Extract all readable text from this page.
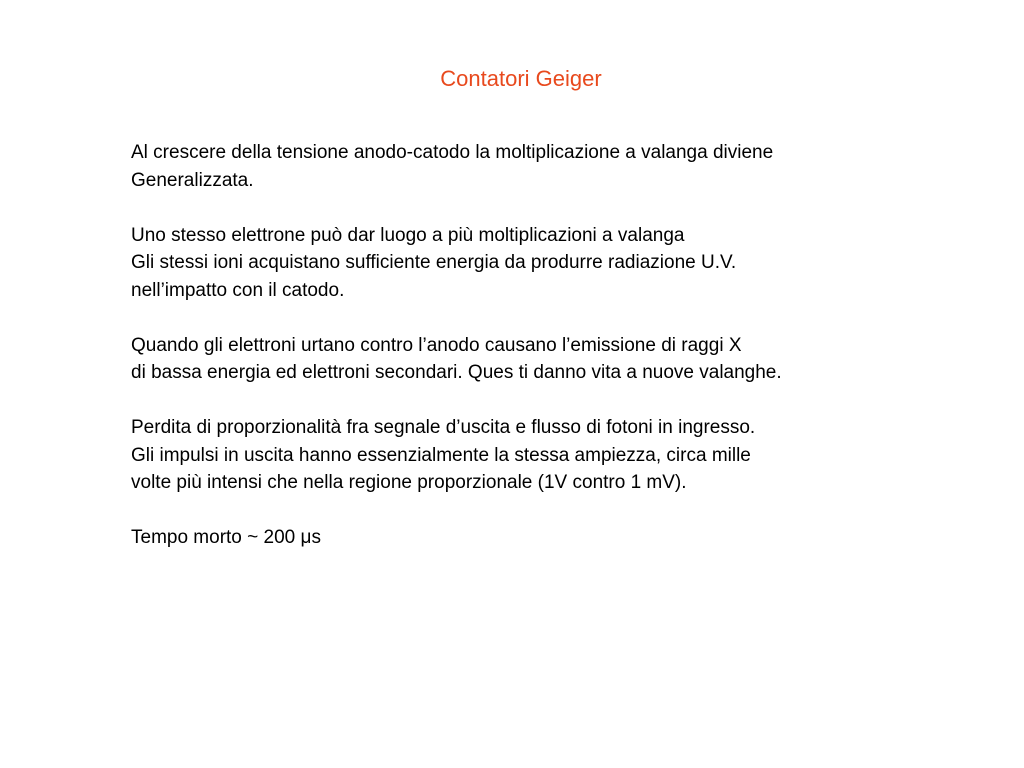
Contatori Geiger

Al crescere della tensione anodo-catodo la moltiplicazione a valanga diviene
Generalizzata.

Uno stesso elettrone può dar luogo a più moltiplicazioni a valanga
Gli stessi ioni acquistano sufficiente energia da produrre radiazione U.V.
nell’impatto con il catodo.

Quando gli elettroni urtano contro l’anodo causano l’emissione di raggi X
di bassa energia ed elettroni secondari. Ques ti danno vita a nuove valanghe.

Perdita di proporzionalità fra segnale d’uscita e flusso di fotoni in ingresso.
Gli impulsi in uscita hanno essenzialmente la stessa ampiezza, circa mille
volte più intensi che nella regione proporzionale (1V contro 1 mV).

Tempo morto ~ 200 μs
